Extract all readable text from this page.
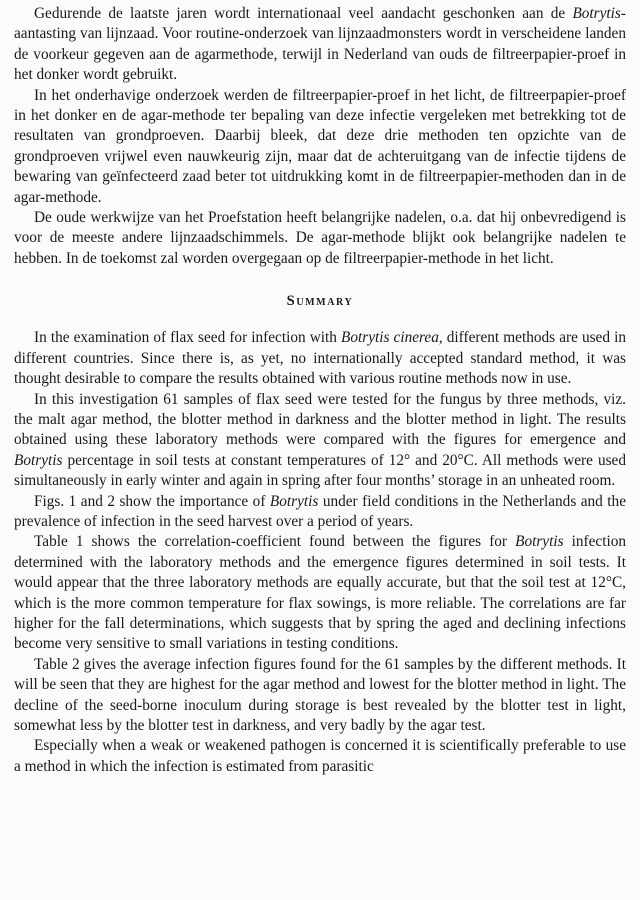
Gedurende de laatste jaren wordt internationaal veel aandacht geschonken aan de Botrytis-aantasting van lijnzaad. Voor routine-onderzoek van lijnzaadmonsters wordt in verscheidene landen de voorkeur gegeven aan de agarmethode, terwijl in Nederland van ouds de filtreerpapier-proef in het donker wordt gebruikt.

In het onderhavige onderzoek werden de filtreerpapier-proef in het licht, de filtreerpapier-proef in het donker en de agar-methode ter bepaling van deze infectie vergeleken met betrekking tot de resultaten van grondproeven. Daarbij bleek, dat deze drie methoden ten opzichte van de grondproeven vrijwel even nauwkeurig zijn, maar dat de achteruitgang van de infectie tijdens de bewaring van geïnfecteerd zaad beter tot uitdrukking komt in de filtreerpapier-methoden dan in de agar-methode.

De oude werkwijze van het Proefstation heeft belangrijke nadelen, o.a. dat hij onbevredigend is voor de meeste andere lijnzaadschimmels. De agar-methode blijkt ook belangrijke nadelen te hebben. In de toekomst zal worden overgegaan op de filtreerpapier-methode in het licht.

Summary

In the examination of flax seed for infection with Botrytis cinerea, different methods are used in different countries. Since there is, as yet, no internationally accepted standard method, it was thought desirable to compare the results obtained with various routine methods now in use.

In this investigation 61 samples of flax seed were tested for the fungus by three methods, viz. the malt agar method, the blotter method in darkness and the blotter method in light. The results obtained using these laboratory methods were compared with the figures for emergence and Botrytis percentage in soil tests at constant temperatures of 12° and 20°C. All methods were used simultaneously in early winter and again in spring after four months’ storage in an unheated room.

Figs. 1 and 2 show the importance of Botrytis under field conditions in the Netherlands and the prevalence of infection in the seed harvest over a period of years.

Table 1 shows the correlation-coefficient found between the figures for Botrytis infection determined with the laboratory methods and the emergence figures determined in soil tests. It would appear that the three laboratory methods are equally accurate, but that the soil test at 12°C, which is the more common temperature for flax sowings, is more reliable. The correlations are far higher for the fall determinations, which suggests that by spring the aged and declining infections become very sensitive to small variations in testing conditions.

Table 2 gives the average infection figures found for the 61 samples by the different methods. It will be seen that they are highest for the agar method and lowest for the blotter method in light. The decline of the seed-borne inoculum during storage is best revealed by the blotter test in light, somewhat less by the blotter test in darkness, and very badly by the agar test.

Especially when a weak or weakened pathogen is concerned it is scientifically preferable to use a method in which the infection is estimated from parasitic
